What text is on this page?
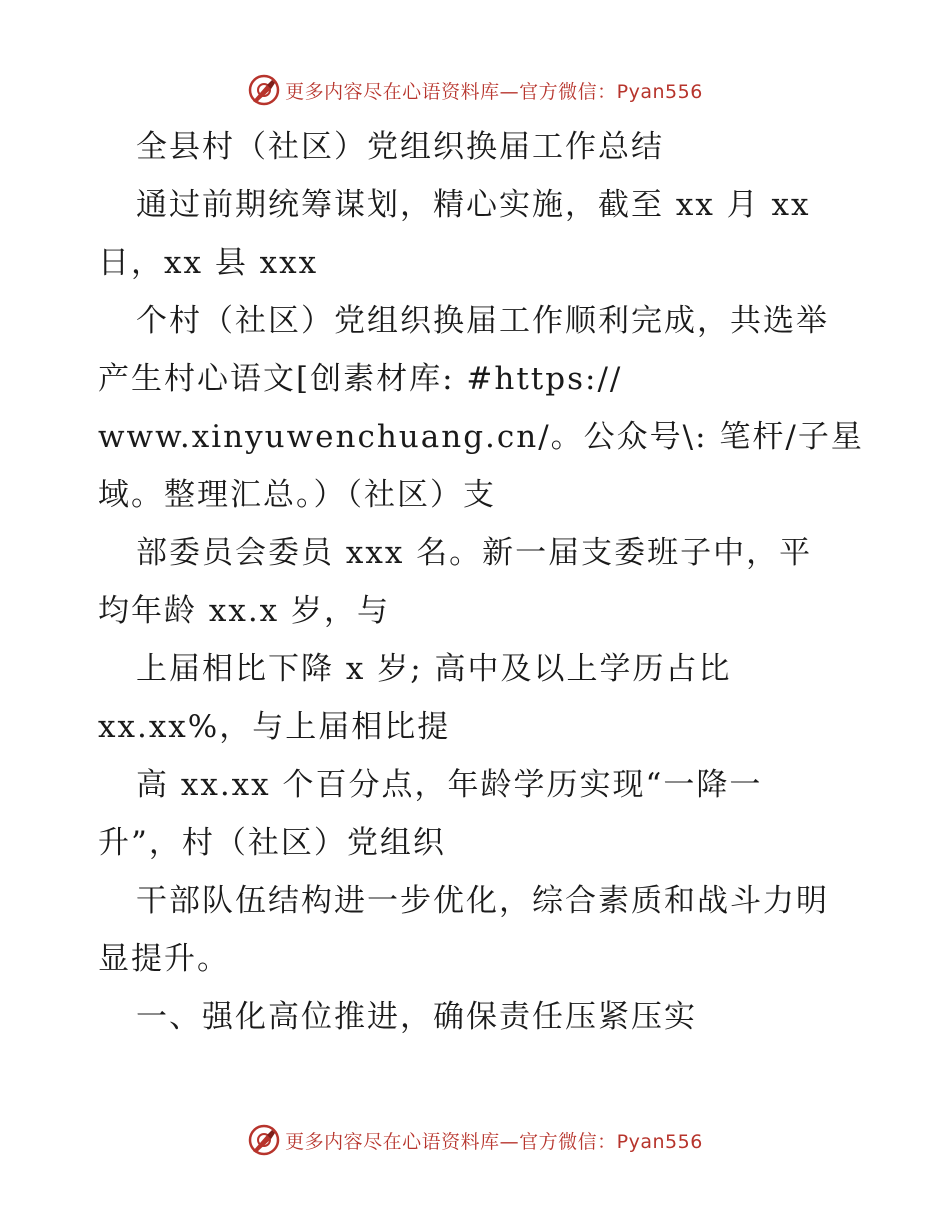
更多内容尽在心语资料库—官方微信：Pyan556
全县村（社区）党组织换届工作总结
通过前期统筹谋划，精心实施，截至 xx 月 xx
日，xx 县 xxx
个村（社区）党组织换届工作顺利完成，共选举
产生村心语文[创素材库: #https://
www.xinyuwenchuang.cn/。公众号\: 笔杆/子星
域。整理汇总。）（社区）支
部委员会委员 xxx 名。新一届支委班子中，平
均年龄 xx.x 岁，与
上届相比下降 x 岁; 高中及以上学历占比
xx.xx%，与上届相比提
高 xx.xx 个百分点，年龄学历实现“一降一
升”，村（社区）党组织
干部队伍结构进一步优化，综合素质和战斗力明
显提升。
一、强化高位推进，确保责任压紧压实
更多内容尽在心语资料库—官方微信：Pyan556
